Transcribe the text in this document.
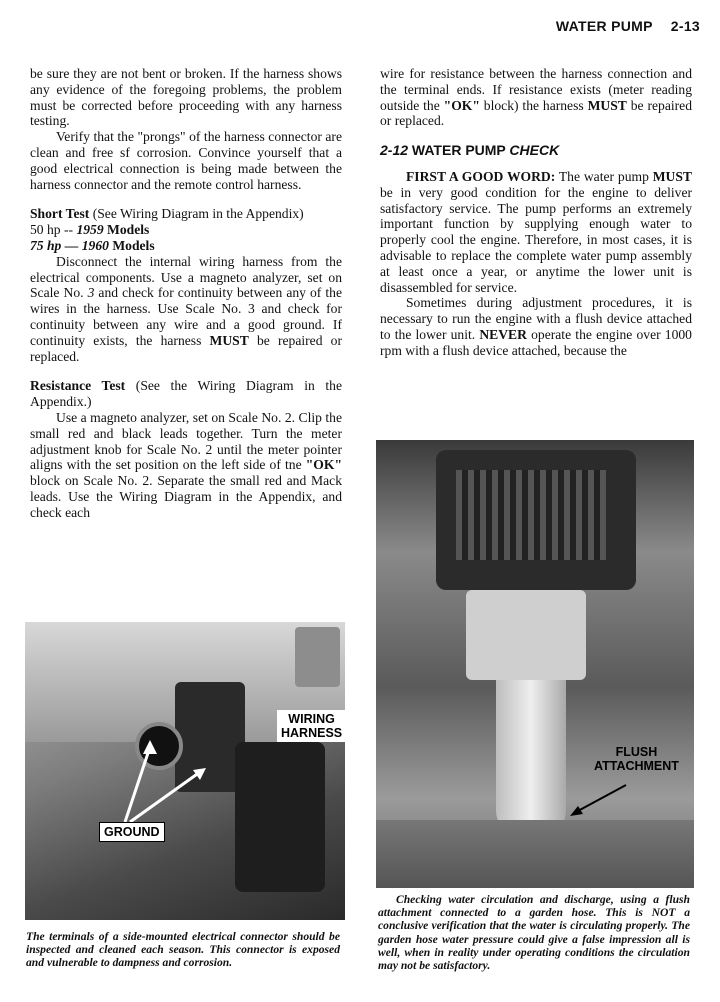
WATER PUMP 2-13

be sure they are not bent or broken. If the harness shows any evidence of the foregoing problems, the problem must be corrected before proceeding with any harness testing.

Verify that the "prongs" of the harness connector are clean and free sf corrosion. Convince yourself that a good electrical connection is being made between the harness connector and the remote control harness.

Short Test (See Wiring Diagram in the Appendix)

50 hp -- 1959 Models

75 hp — 1960 Models

Disconnect the internal wiring harness from the electrical components. Use a magneto analyzer, set on Scale No. 3 and check for continuity between any of the wires in the harness. Use Scale No. 3 and check for continuity between any wire and a good ground. If continuity exists, the harness MUST be repaired or replaced.

Resistance Test (See the Wiring Diagram in the Appendix.)

Use a magneto analyzer, set on Scale No. 2. Clip the small red and black leads together. Turn the meter adjustment knob for Scale No. 2 until the meter pointer aligns with the set position on the left side of tne "OK" block on Scale No. 2. Separate the small red and Mack leads. Use the Wiring Diagram in the Appendix, and check each

wire for resistance between the harness connection and the terminal ends. If resistance exists (meter reading outside the "OK" block) the harness MUST be repaired or replaced.

2-12 WATER PUMP CHECK

FIRST A GOOD WORD: The water pump MUST be in very good condition for the engine to deliver satisfactory service. The pump performs an extremely important function by supplying enough water to properly cool the engine. Therefore, in most cases, it is advisable to replace the complete water pump assembly at least once a year, or anytime the lower unit is disassembled for service.

Sometimes during adjustment procedures, it is necessary to run the engine with a flush device attached to the lower unit. NEVER operate the engine over 1000 rpm with a flush device attached, because the

WIRING
HARNESS
GROUND
The terminals of a side-mounted electrical connector should be inspected and cleaned each season. This connector is exposed and vulnerable to dampness and corrosion.
FLUSH
ATTACHMENT
Checking water circulation and discharge, using a flush attachment connected to a garden hose. This is NOT a conclusive verification that the water is circulating properly. The garden hose water pressure could give a false impression all is well, when in reality under operating conditions the circulation may not be satisfactory.
